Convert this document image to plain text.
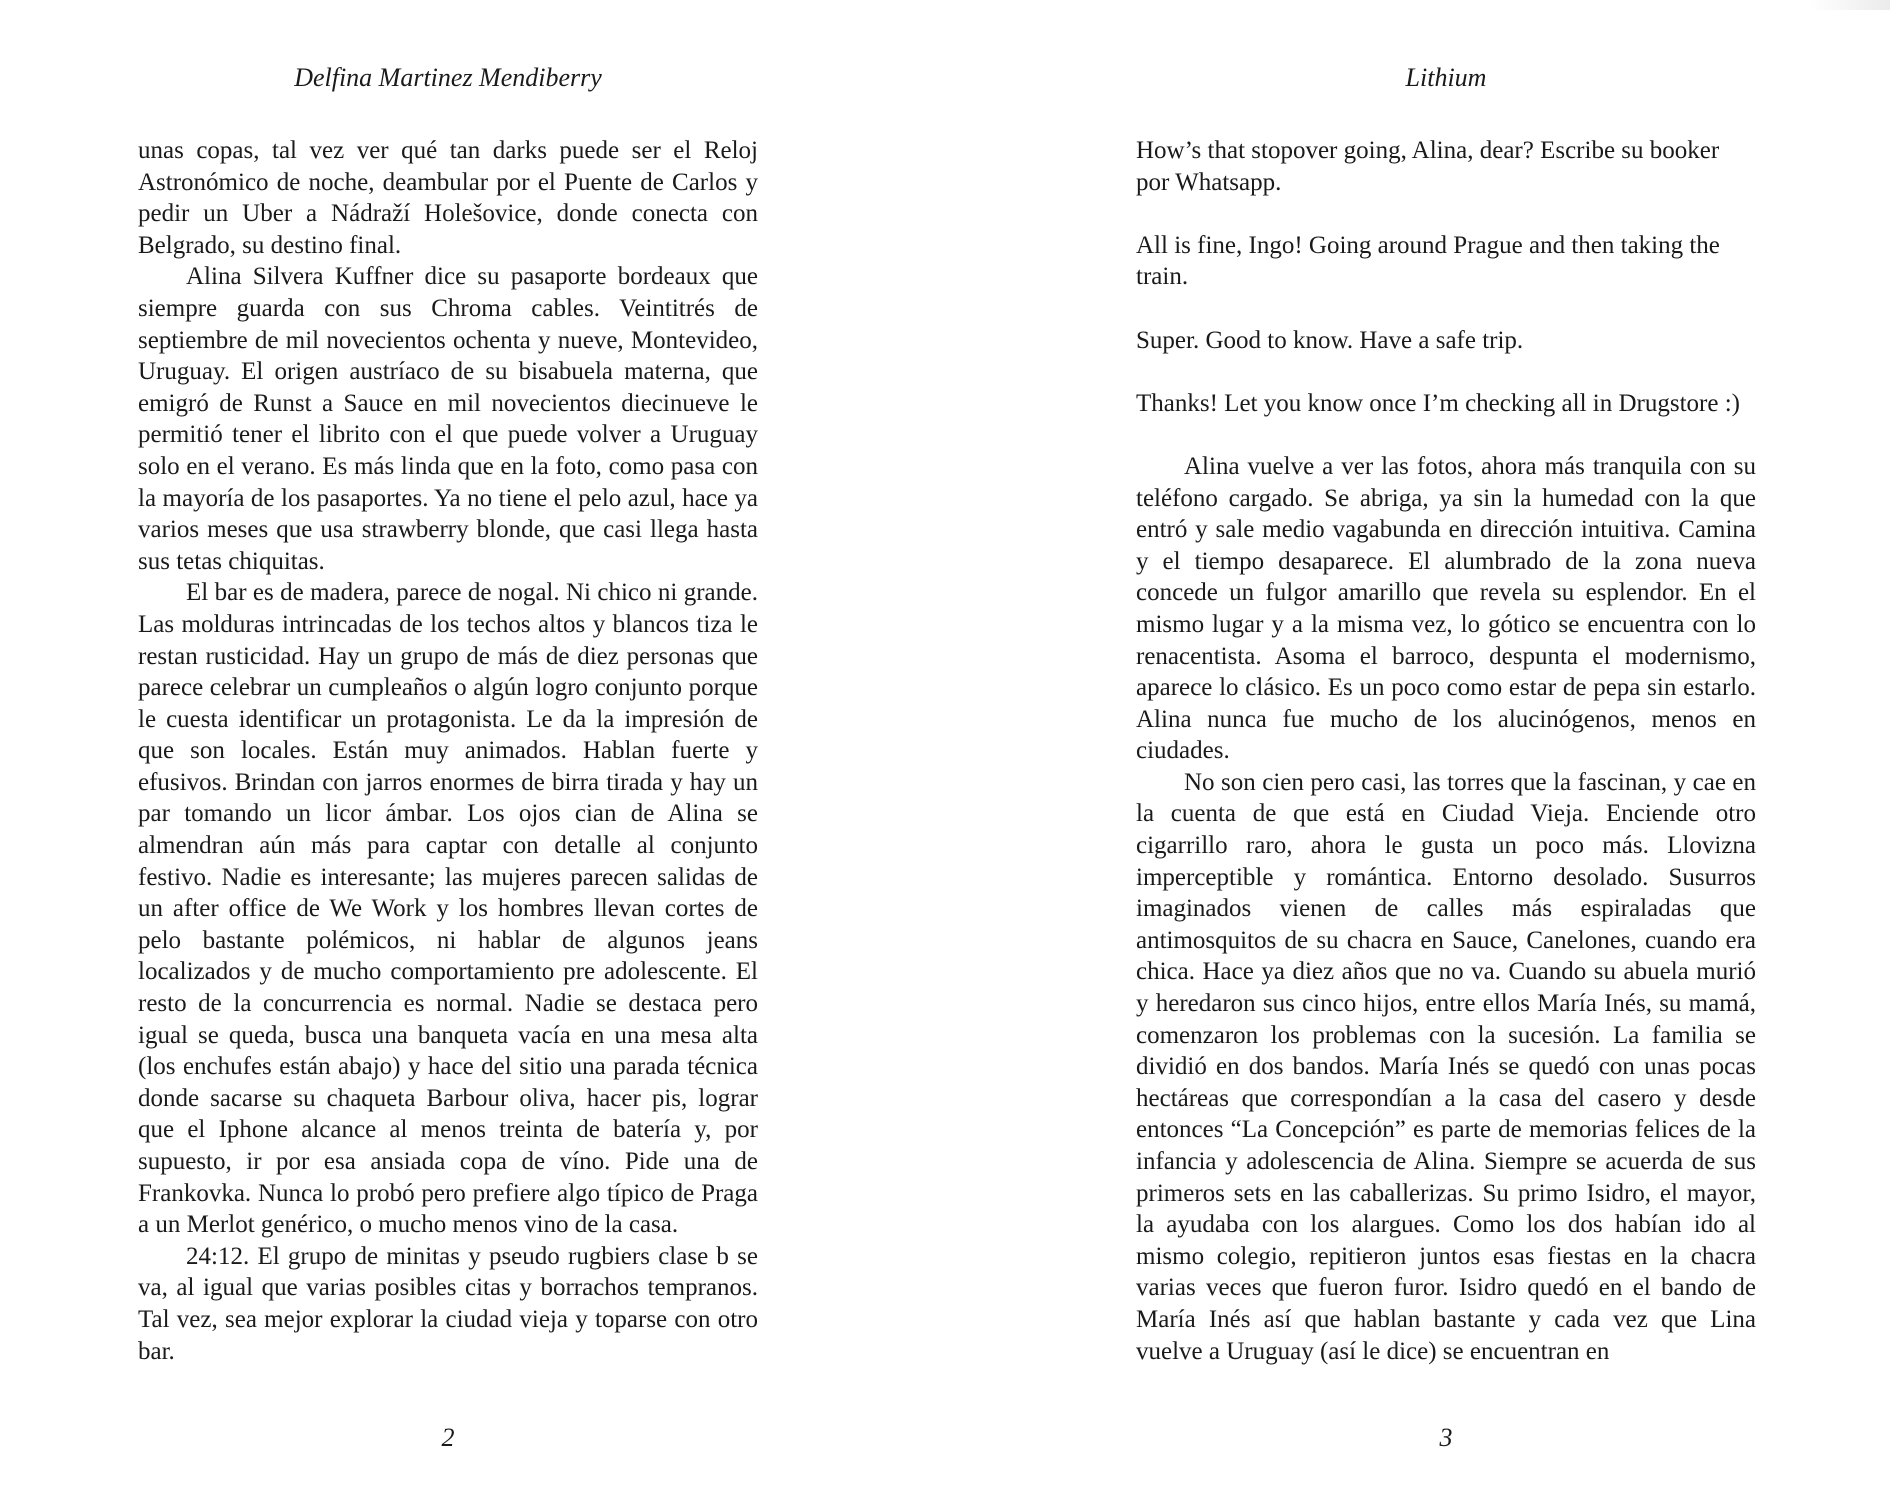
Delfina Martinez Mendiberry

unas copas, tal vez ver qué tan darks puede ser el Reloj Astronómico de noche, deambular por el Puente de Carlos y pedir un Uber a Nádraží Holešovice, donde conecta con Belgrado, su destino final.

Alina Silvera Kuffner dice su pasaporte bordeaux que siempre guarda con sus Chroma cables. Veintitrés de septiembre de mil novecientos ochenta y nueve, Montevideo, Uruguay. El origen austríaco de su bisabuela materna, que emigró de Runst a Sauce en mil novecientos diecinueve le permitió tener el librito con el que puede volver a Uruguay solo en el verano. Es más linda que en la foto, como pasa con la mayoría de los pasaportes. Ya no tiene el pelo azul, hace ya varios meses que usa strawberry blonde, que casi llega hasta sus tetas chiquitas.

El bar es de madera, parece de nogal. Ni chico ni grande. Las molduras intrincadas de los techos altos y blancos tiza le restan rusticidad. Hay un grupo de más de diez personas que parece celebrar un cumpleaños o algún logro conjunto porque le cuesta identificar un protagonista. Le da la impresión de que son locales. Están muy animados. Hablan fuerte y efusivos. Brindan con jarros enormes de birra tirada y hay un par tomando un licor ámbar. Los ojos cian de Alina se almendran aún más para captar con detalle al conjunto festivo. Nadie es interesante; las mujeres parecen salidas de un after office de We Work y los hombres llevan cortes de pelo bastante polémicos, ni hablar de algunos jeans localizados y de mucho comportamiento pre adolescente. El resto de la concurrencia es normal. Nadie se destaca pero igual se queda, busca una banqueta vacía en una mesa alta (los enchufes están abajo) y hace del sitio una parada técnica donde sacarse su chaqueta Barbour oliva, hacer pis, lograr que el Iphone alcance al menos treinta de batería y, por supuesto, ir por esa ansiada copa de víno. Pide una de Frankovka. Nunca lo probó pero prefiere algo típico de Praga a un Merlot genérico, o mucho menos vino de la casa.

24:12. El grupo de minitas y pseudo rugbiers clase b se va, al igual que varias posibles citas y borrachos tempranos. Tal vez, sea mejor explorar la ciudad vieja y toparse con otro bar.

2
Lithium

How’s that stopover going, Alina, dear? Escribe su booker por Whatsapp.

All is fine, Ingo! Going around Prague and then taking the train.

Super. Good to know. Have a safe trip.

Thanks! Let you know once I’m checking all in Drugstore :)

Alina vuelve a ver las fotos, ahora más tranquila con su teléfono cargado. Se abriga, ya sin la humedad con la que entró y sale medio vagabunda en dirección intuitiva. Camina y el tiempo desaparece. El alumbrado de la zona nueva concede un fulgor amarillo que revela su esplendor. En el mismo lugar y a la misma vez, lo gótico se encuentra con lo renacentista. Asoma el barroco, despunta el modernismo, aparece lo clásico. Es un poco como estar de pepa sin estarlo. Alina nunca fue mucho de los alucinógenos, menos en ciudades.

No son cien pero casi, las torres que la fascinan, y cae en la cuenta de que está en Ciudad Vieja. Enciende otro cigarrillo raro, ahora le gusta un poco más. Llovizna imperceptible y romántica. Entorno desolado. Susurros imaginados vienen de calles más espiraladas que antimosquitos de su chacra en Sauce, Canelones, cuando era chica. Hace ya diez años que no va. Cuando su abuela murió y heredaron sus cinco hijos, entre ellos María Inés, su mamá, comenzaron los problemas con la sucesión. La familia se dividió en dos bandos. María Inés se quedó con unas pocas hectáreas que correspondían a la casa del casero y desde entonces “La Concepción” es parte de memorias felices de la infancia y adolescencia de Alina. Siempre se acuerda de sus primeros sets en las caballerizas. Su primo Isidro, el mayor, la ayudaba con los alargues. Como los dos habían ido al mismo colegio, repitieron juntos esas fiestas en la chacra varias veces que fueron furor. Isidro quedó en el bando de María Inés así que hablan bastante y cada vez que Lina vuelve a Uruguay (así le dice) se encuentran en

3
